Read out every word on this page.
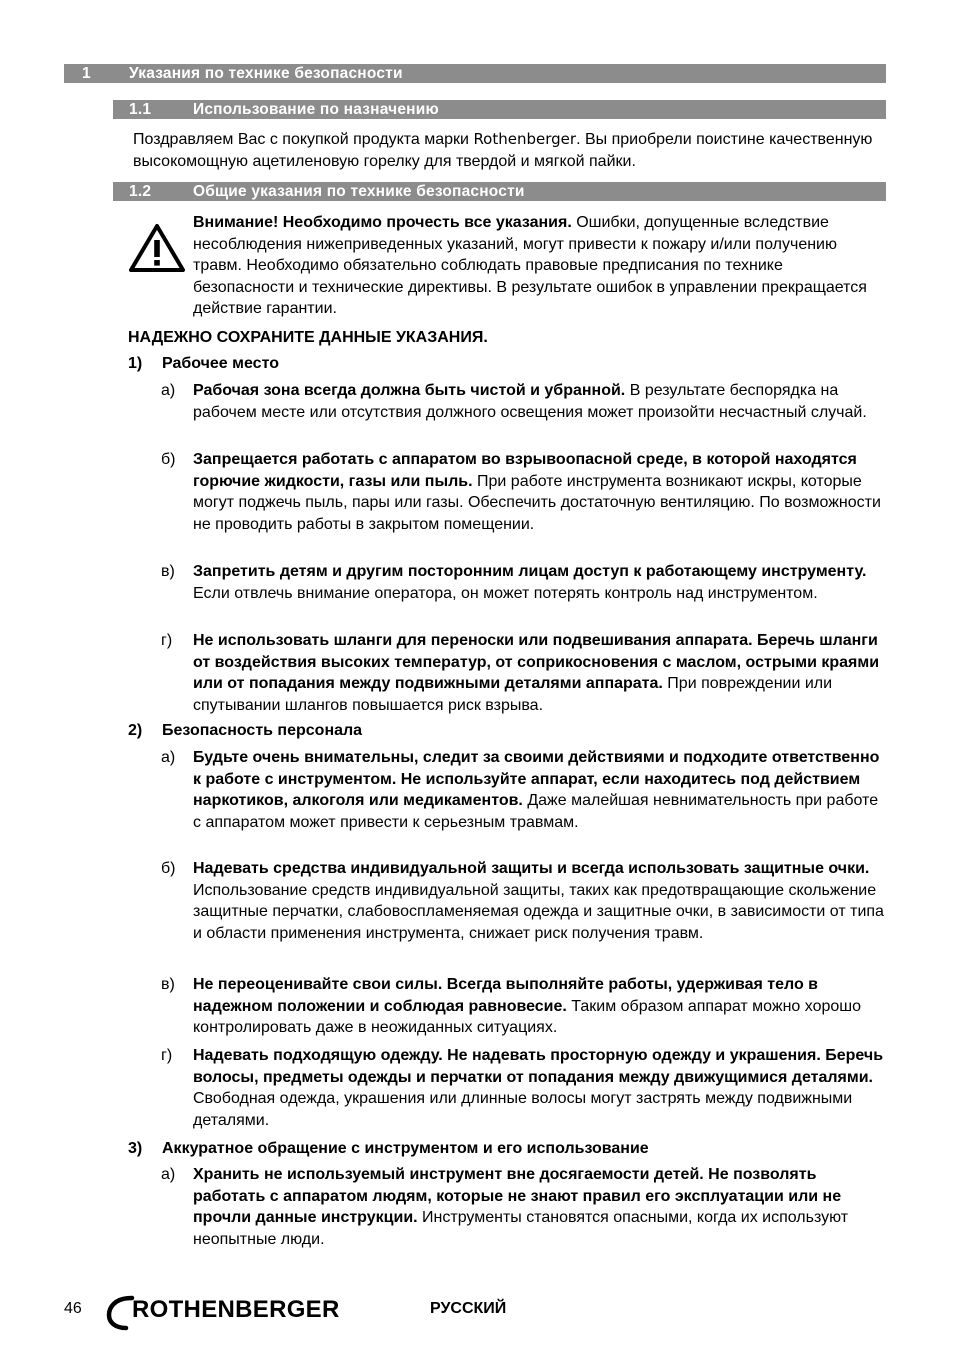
1 Указания по технике безопасности
1.1	Использование по назначению
Поздравляем Вас с покупкой продукта марки Rothenberger. Вы приобрели поистине качественную высокомощную ацетиленовую горелку для твердой и мягкой пайки.
1.2	Общие указания по технике безопасности
Внимание! Необходимо прочесть все указания. Ошибки, допущенные вследствие несоблюдения нижеприведенных указаний, могут привести к пожару и/или получению травм. Необходимо обязательно соблюдать правовые предписания по технике безопасности и технические директивы. В результате ошибок в управлении прекращается действие гарантии.
НАДЕЖНО СОХРАНИТЕ ДАННЫЕ УКАЗАНИЯ.
1) Рабочее место
a) Рабочая зона всегда должна быть чистой и убранной. В результате беспорядка на рабочем месте или отсутствия должного освещения может произойти несчастный случай.
б) Запрещается работать с аппаратом во взрывоопасной среде, в которой находятся горючие жидкости, газы или пыль. При работе инструмента возникают искры, которые могут поджечь пыль, пары или газы. Обеспечить достаточную вентиляцию. По возможности не проводить работы в закрытом помещении.
в) Запретить детям и другим посторонним лицам доступ к работающему инструменту. Если отвлечь внимание оператора, он может потерять контроль над инструментом.
г) Не использовать шланги для переноски или подвешивания аппарата. Беречь шланги от воздействия высоких температур, от соприкосновения с маслом, острыми краями или от попадания между подвижными деталями аппарата. При повреждении или спутывании шлангов повышается риск взрыва.
2) Безопасность персонала
a) Будьте очень внимательны, следит за своими действиями и подходите ответственно к работе с инструментом. Не используйте аппарат, если находитесь под действием наркотиков, алкоголя или медикаментов. Даже малейшая невнимательность при работе с аппаратом может привести к серьезным травмам.
б) Надевать средства индивидуальной защиты и всегда использовать защитные очки. Использование средств индивидуальной защиты, таких как предотвращающие скольжение защитные перчатки, слабовоспламеняемая одежда и защитные очки, в зависимости от типа и области применения инструмента, снижает риск получения травм.
в) Не переоценивайте свои силы. Всегда выполняйте работы, удерживая тело в надежном положении и соблюдая равновесие. Таким образом аппарат можно хорошо контролировать даже в неожиданных ситуациях.
г) Надевать подходящую одежду. Не надевать просторную одежду и украшения. Беречь волосы, предметы одежды и перчатки от попадания между движущимися деталями. Свободная одежда, украшения или длинные волосы могут застрять между подвижными деталями.
3) Аккуратное обращение с инструментом и его использование
a) Хранить не используемый инструмент вне досягаемости детей. Не позволять работать с аппаратом людям, которые не знают правил его эксплуатации или не прочли данные инструкции. Инструменты становятся опасными, когда их используют неопытные люди.
46 ROTHENBERGER	РУССКИЙ
